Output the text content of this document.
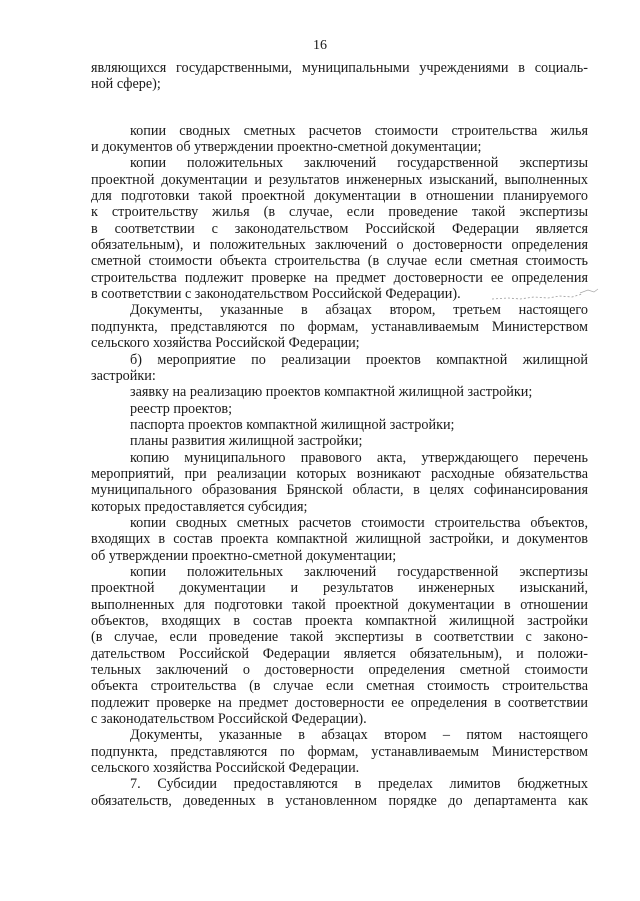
16

являющихся государственными, муниципальными учреждениями в социаль-

ной сфере);

копии сводных сметных расчетов стоимости строительства жилья

и документов об утверждении проектно-сметной документации;

копии положительных заключений государственной экспертизы

проектной документации и результатов инженерных изысканий, выполненных

для подготовки такой проектной документации в отношении планируемого

к строительству жилья (в случае, если проведение такой экспертизы

в соответствии с законодательством Российской Федерации является

обязательным), и положительных заключений о достоверности определения

сметной стоимости объекта строительства (в случае если сметная стоимость

строительства подлежит проверке на предмет достоверности ее определения

в соответствии с законодательством Российской Федерации).

Документы, указанные в абзацах втором, третьем настоящего

подпункта, представляются по формам, устанавливаемым Министерством

сельского хозяйства Российской Федерации;

б) мероприятие по реализации проектов компактной жилищной

застройки:

заявку на реализацию проектов компактной жилищной застройки;

реестр проектов;

паспорта проектов компактной жилищной застройки;

планы развития жилищной застройки;

копию муниципального правового акта, утверждающего перечень

мероприятий, при реализации которых возникают расходные обязательства

муниципального образования Брянской области, в целях софинансирования

которых предоставляется субсидия;

копии сводных сметных расчетов стоимости строительства объектов,

входящих в состав проекта компактной жилищной застройки, и документов

об утверждении проектно-сметной документации;

копии положительных заключений государственной экспертизы

проектной документации и результатов инженерных изысканий,

выполненных для подготовки такой проектной документации в отношении

объектов, входящих в состав проекта компактной жилищной застройки

(в случае, если проведение такой экспертизы в соответствии с законо-

дательством Российской Федерации является обязательным), и положи-

тельных заключений о достоверности определения сметной стоимости

объекта строительства (в случае если сметная стоимость строительства

подлежит проверке на предмет достоверности ее определения в соответствии

с законодательством Российской Федерации).

Документы, указанные в абзацах втором – пятом настоящего

подпункта, представляются по формам, устанавливаемым Министерством

сельского хозяйства Российской Федерации.

7. Субсидии предоставляются в пределах лимитов бюджетных

обязательств, доведенных в установленном порядке до департамента как
